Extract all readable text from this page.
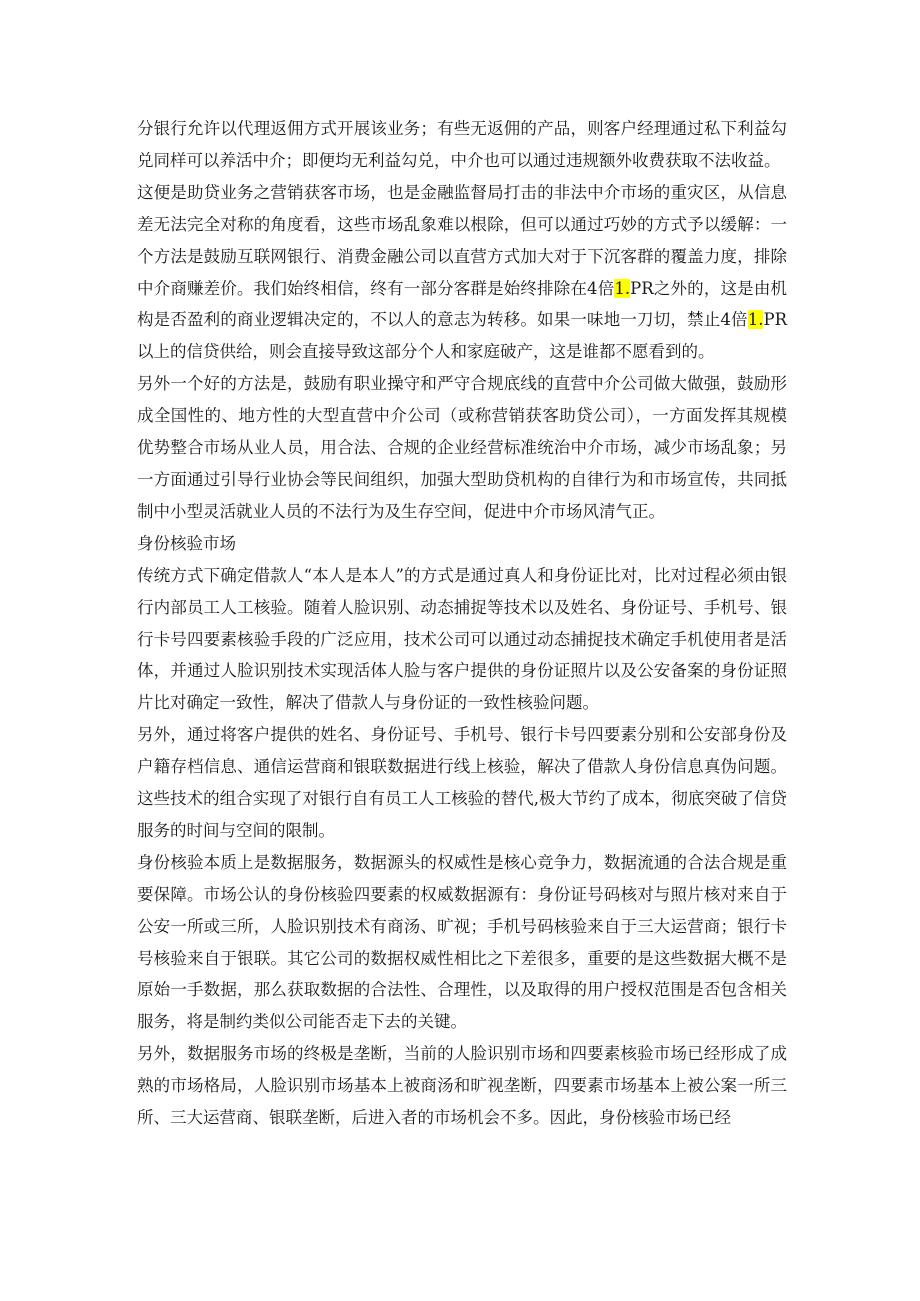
分银行允许以代理返佣方式开展该业务；有些无返佣的产品，则客户经理通过私下利益勾兑同样可以养活中介；即便均无利益勾兑，中介也可以通过违规额外收费获取不法收益。

这便是助贷业务之营销获客市场，也是金融监督局打击的非法中介市场的重灾区，从信息差无法完全对称的角度看，这些市场乱象难以根除，但可以通过巧妙的方式予以缓解：一个方法是鼓励互联网银行、消费金融公司以直营方式加大对于下沉客群的覆盖力度，排除中介商赚差价。我们始终相信，终有一部分客群是始终排除在4倍1.PR之外的，这是由机构是否盈利的商业逻辑决定的，不以人的意志为转移。如果一味地一刀切，禁止4倍1.PR以上的信贷供给，则会直接导致这部分个人和家庭破产，这是谁都不愿看到的。

另外一个好的方法是，鼓励有职业操守和严守合规底线的直营中介公司做大做强，鼓励形成全国性的、地方性的大型直营中介公司（或称营销获客助贷公司），一方面发挥其规模优势整合市场从业人员，用合法、合规的企业经营标准统治中介市场，减少市场乱象；另一方面通过引导行业协会等民间组织，加强大型助贷机构的自律行为和市场宣传，共同抵制中小型灵活就业人员的不法行为及生存空间，促进中介市场风清气正。

身份核验市场

传统方式下确定借款人“本人是本人”的方式是通过真人和身份证比对，比对过程必须由银行内部员工人工核验。随着人脸识别、动态捕捉等技术以及姓名、身份证号、手机号、银行卡号四要素核验手段的广泛应用，技术公司可以通过动态捕捉技术确定手机使用者是活体，并通过人脸识别技术实现活体人脸与客户提供的身份证照片以及公安备案的身份证照片比对确定一致性，解决了借款人与身份证的一致性核验问题。

另外，通过将客户提供的姓名、身份证号、手机号、银行卡号四要素分别和公安部身份及户籍存档信息、通信运营商和银联数据进行线上核验，解决了借款人身份信息真伪问题。这些技术的组合实现了对银行自有员工人工核验的替代,极大节约了成本，彻底突破了信贷服务的时间与空间的限制。

身份核验本质上是数据服务，数据源头的权威性是核心竞争力，数据流通的合法合规是重要保障。市场公认的身份核验四要素的权威数据源有：身份证号码核对与照片核对来自于公安一所或三所，人脸识别技术有商汤、旷视；手机号码核验来自于三大运营商；银行卡号核验来自于银联。其它公司的数据权威性相比之下差很多，重要的是这些数据大概不是原始一手数据，那么获取数据的合法性、合理性，以及取得的用户授权范围是否包含相关服务，将是制约类似公司能否走下去的关键。

另外，数据服务市场的终极是垄断，当前的人脸识别市场和四要素核验市场已经形成了成熟的市场格局，人脸识别市场基本上被商汤和旷视垄断，四要素市场基本上被公案一所三所、三大运营商、银联垄断，后进入者的市场机会不多。因此，身份核验市场已经
